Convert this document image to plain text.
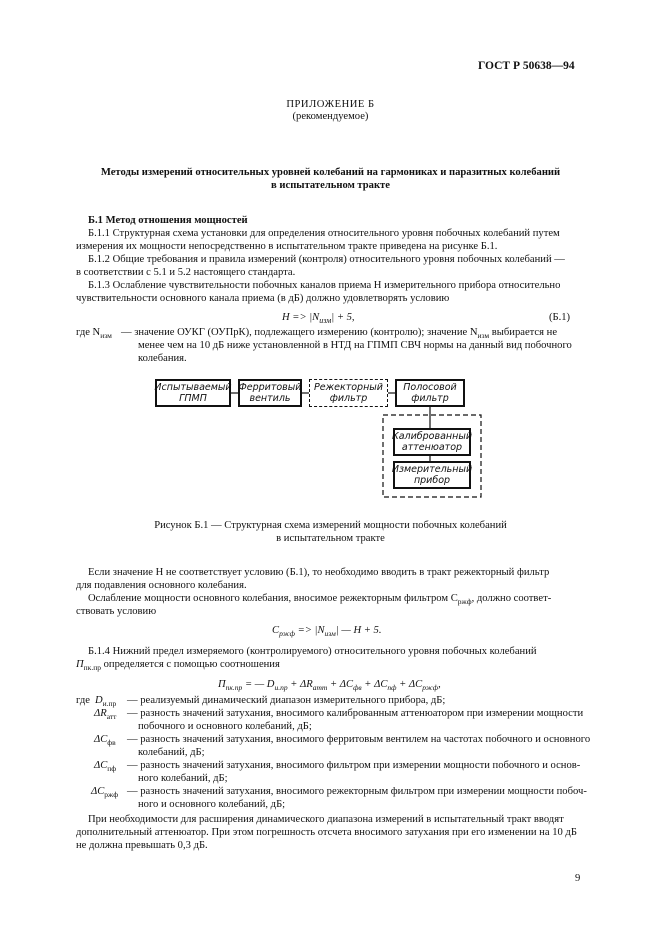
ГОСТ Р 50638—94
ПРИЛОЖЕНИЕ Б
(рекомендуемое)
Методы измерений относительных уровней колебаний на гармониках и паразитных колебаний
в испытательном тракте
Б.1 Метод отношения мощностей
Б.1.1 Структурная схема установки для определения относительного уровня побочных колебаний путем
измерения их мощности непосредственно в испытательном тракте приведена на рисунке Б.1.
Б.1.2 Общие требования и правила измерений (контроля) относительного уровня побочных колебаний —
в соответствии с 5.1 и 5.2 настоящего стандарта.
Б.1.3 Ослабление чувствительности побочных каналов приема Н измерительного прибора относительно
чувствительности основного канала приема (в дБ) должно удовлетворять условию
$H => |N_{изм}| + 5$,	(Б.1)
где $N_{изм}$ — значение ОУКГ (ОУПрК), подлежащего измерению (контролю); значение $N_{изм}$ выбирается не
менее чем на 10 дБ ниже установленной в НТД на ГПМП СВЧ нормы на данный вид побочного
колебания.
Испытываемый
ГПМП
Ферритовый
вентиль
Режекторный
фильтр
Полосовой
фильтр
Калиброванный
аттенюатор
Измерительный
прибор
Рисунок Б.1 — Структурная схема измерений мощности побочных колебаний
в испытательном тракте
Если значение Н не соответствует условию (Б.1), то необходимо вводить в тракт режекторный фильтр
для подавления основного колебания.
Ослабление мощности основного колебания, вносимое режекторным фильтром $C_{ржф}$, должно соответ-
ствовать условию
$C_{ржф} => |N_{изм}|$ — H + 5.
Б.1.4 Нижний предел измеряемого (контролируемого) относительного уровня побочных колебаний
$П_{пк.пр}$ определяется с помощью соотношения
$П_{пк.пр}$ = — $D_{и.пр} + \Delta R_{атт} + \Delta C_{фв} + \Delta C_{пф} + \Delta C_{ржф}$,
где $D_{и.пр}$ — реализуемый динамический диапазон измерительного прибора, дБ;
$\Delta R_{атт}$ — разность значений затухания, вносимого калиброванным аттенюатором при измерении мощности
побочного и основного колебаний, дБ;
$\Delta C_{фв}$ — разность значений затухания, вносимого ферритовым вентилем на частотах побочного и основного
колебаний, дБ;
$\Delta C_{пф}$ — разность значений затухания, вносимого фильтром при измерении мощности побочного и основ-
ного колебаний, дБ;
$\Delta C_{ржф}$ — разность значений затухания, вносимого режекторным фильтром при измерении мощности побоч-
ного и основного колебаний, дБ;
При необходимости для расширения динамического диапазона измерений в испытательный тракт вводят
дополнительный аттенюатор. При этом погрешность отсчета вносимого затухания при его изменении на 10 дБ
не должна превышать 0,3 дБ.
9
